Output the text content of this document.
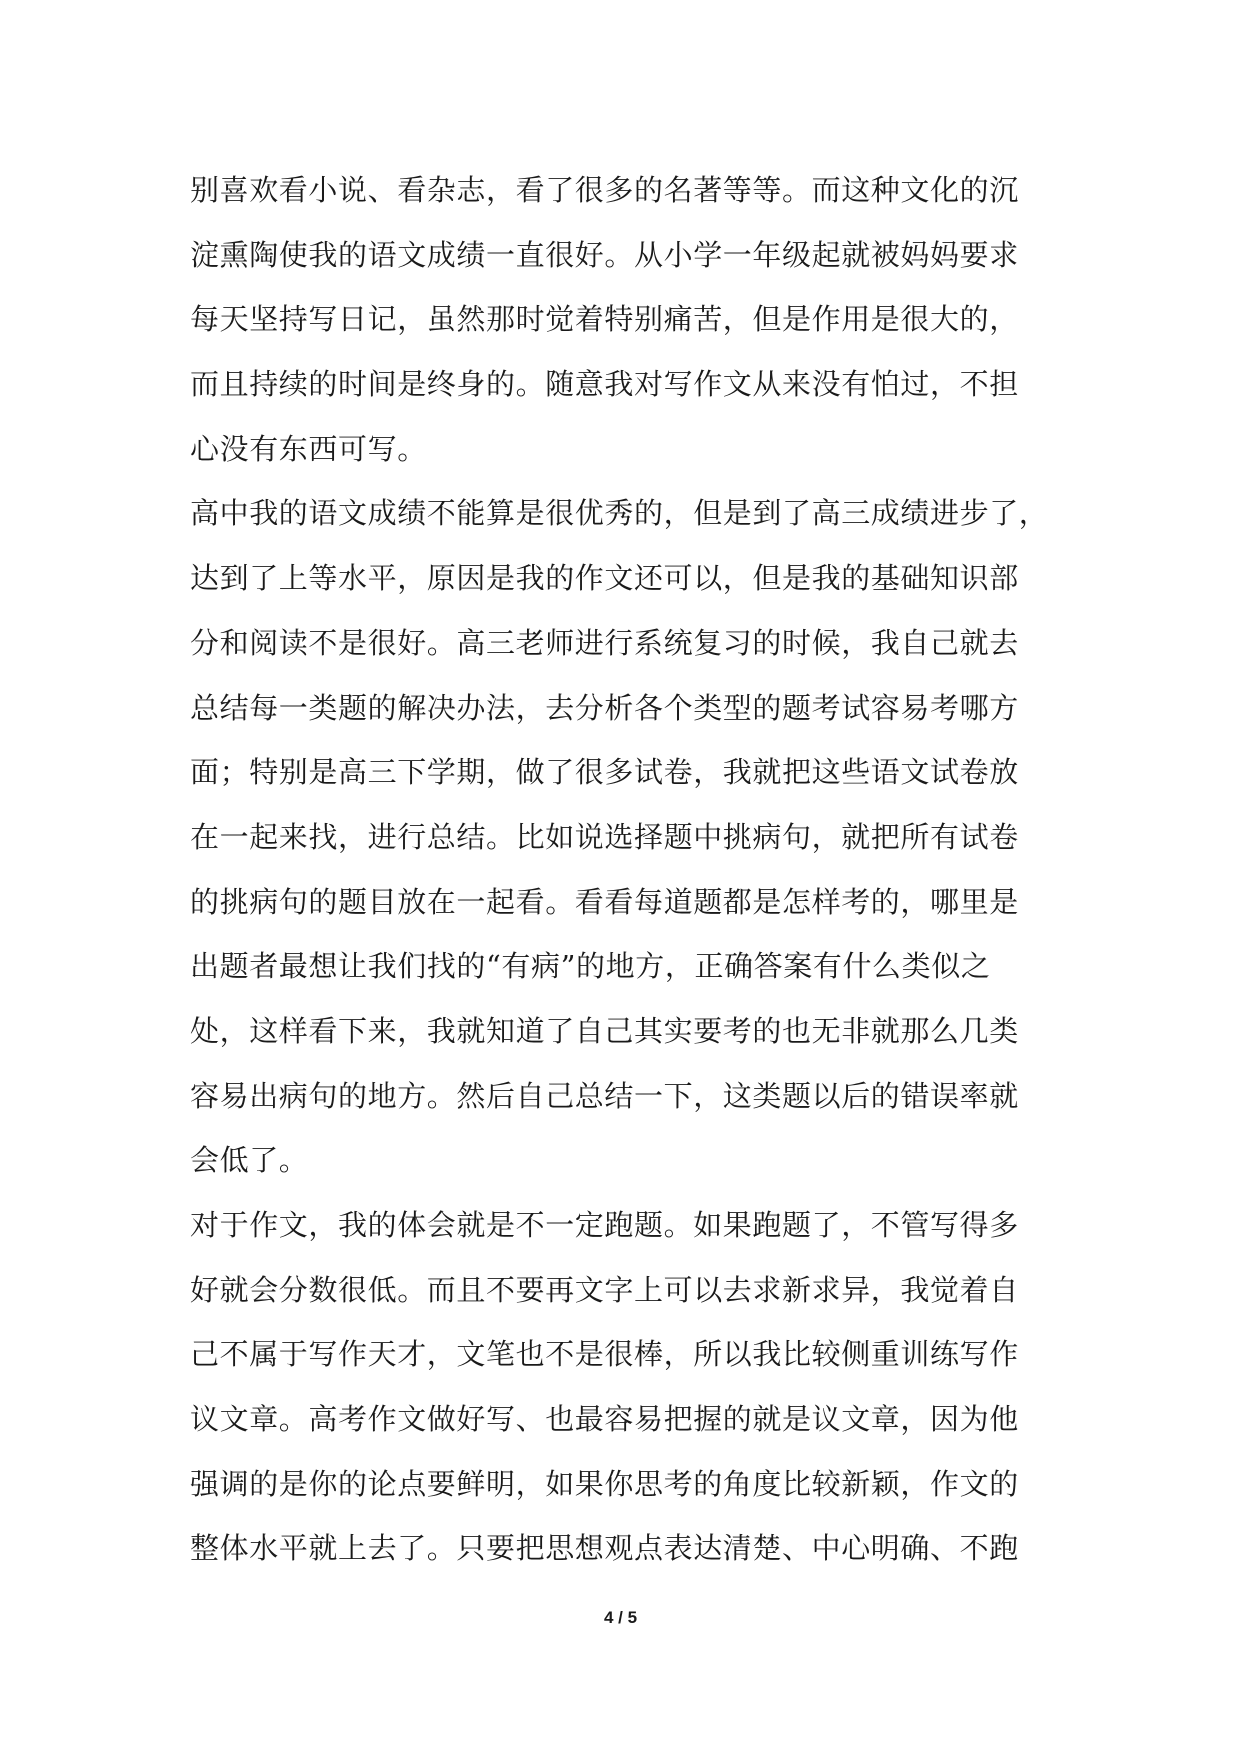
别喜欢看小说、看杂志，看了很多的名著等等。而这种文化的沉
淀熏陶使我的语文成绩一直很好。从小学一年级起就被妈妈要求
每天坚持写日记，虽然那时觉着特别痛苦，但是作用是很大的，
而且持续的时间是终身的。随意我对写作文从来没有怕过，不担
心没有东西可写。
高中我的语文成绩不能算是很优秀的，但是到了高三成绩进步了，
达到了上等水平，原因是我的作文还可以，但是我的基础知识部
分和阅读不是很好。高三老师进行系统复习的时候，我自己就去
总结每一类题的解决办法，去分析各个类型的题考试容易考哪方
面；特别是高三下学期，做了很多试卷，我就把这些语文试卷放
在一起来找，进行总结。比如说选择题中挑病句，就把所有试卷
的挑病句的题目放在一起看。看看每道题都是怎样考的，哪里是
出题者最想让我们找的“有病”的地方，正确答案有什么类似之
处，这样看下来，我就知道了自己其实要考的也无非就那么几类
容易出病句的地方。然后自己总结一下，这类题以后的错误率就
会低了。
对于作文，我的体会就是不一定跑题。如果跑题了，不管写得多
好就会分数很低。而且不要再文字上可以去求新求异，我觉着自
己不属于写作天才，文笔也不是很棒，所以我比较侧重训练写作
议文章。高考作文做好写、也最容易把握的就是议文章，因为他
强调的是你的论点要鲜明，如果你思考的角度比较新颖，作文的
整体水平就上去了。只要把思想观点表达清楚、中心明确、不跑
4 / 5
